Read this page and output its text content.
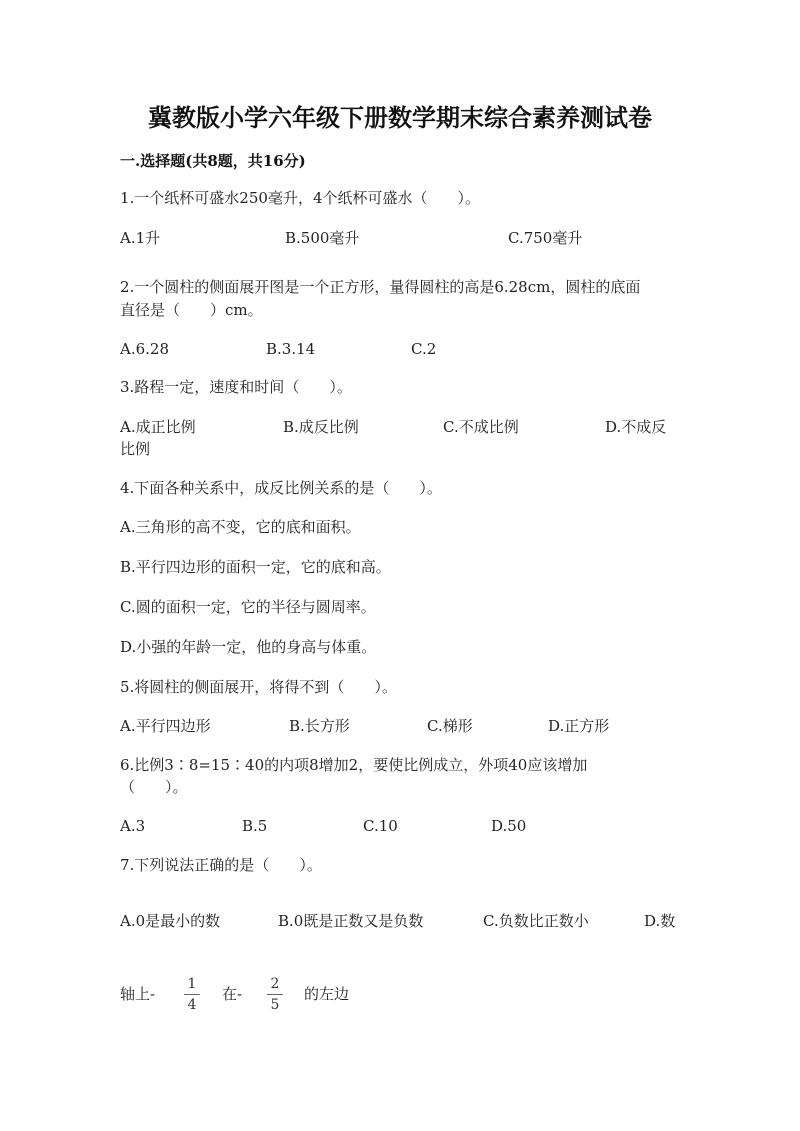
冀教版小学六年级下册数学期末综合素养测试卷
一.选择题(共8题，共16分)
1.一个纸杯可盛水250毫升，4个纸杯可盛水（　　）。
A.1升	B.500毫升	C.750毫升
2.一个圆柱的侧面展开图是一个正方形，量得圆柱的高是6.28cm，圆柱的底面
直径是（　　）cm。
A.6.28	B.3.14	C.2
3.路程一定，速度和时间（　　）。
A.成正比例	B.成反比例	C.不成比例	D.不成反
比例
4.下面各种关系中，成反比例关系的是（　　）。
A.三角形的高不变，它的底和面积。
B.平行四边形的面积一定，它的底和高。
C.圆的面积一定，它的半径与圆周率。
D.小强的年龄一定，他的身高与体重。
5.将圆柱的侧面展开，将得不到（　　）。
A.平行四边形	B.长方形	C.梯形	D.正方形
6.比例3∶8=15∶40的内项8增加2，要使比例成立，外项40应该增加
（　　）。
A.3	B.5	C.10	D.50
7.下列说法正确的是（　　）。
A.0是最小的数	B.0既是正数又是负数	C.负数比正数小	D.数
轴上-
1
4
在-
2
5
的左边
